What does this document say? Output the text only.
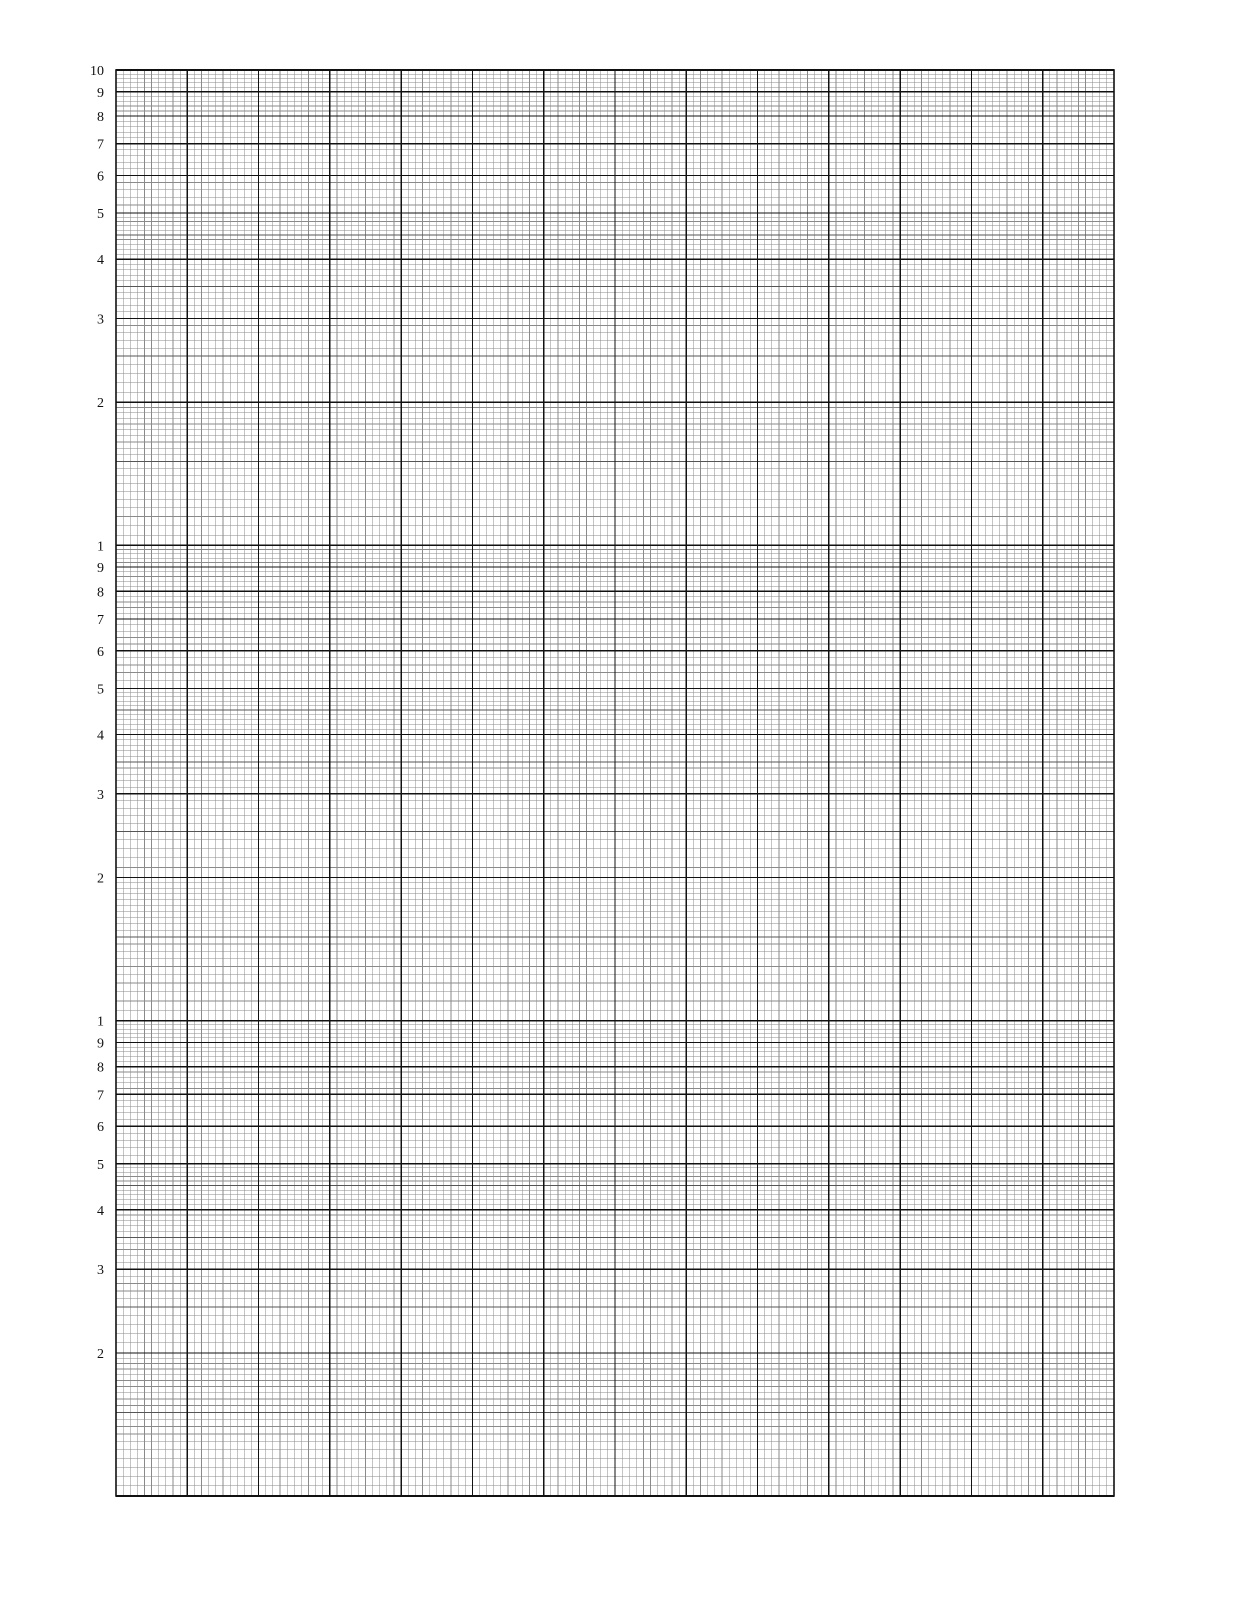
10
9
8
7
6
5
4
3
2
1
9
8
7
6
5
4
3
2
1
9
8
7
6
5
4
3
2
